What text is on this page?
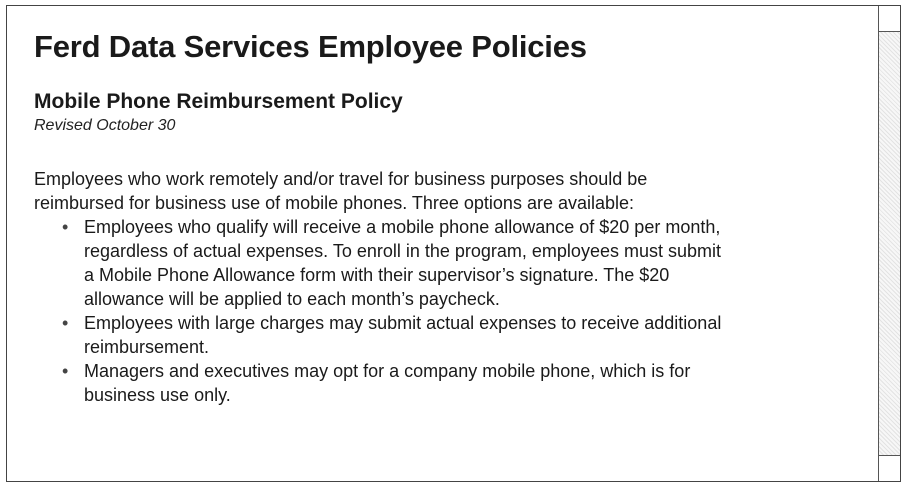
Ferd Data Services Employee Policies
Mobile Phone Reimbursement Policy
Revised October 30

Employees who work remotely and/or travel for business purposes should be
reimbursed for business use of mobile phones. Three options are available:

• Employees who qualify will receive a mobile phone allowance of $20 per month,
regardless of actual expenses. To enroll in the program, employees must submit
a Mobile Phone Allowance form with their supervisor’s signature. The $20
allowance will be applied to each month’s paycheck.
• Employees with large charges may submit actual expenses to receive additional
reimbursement.
• Managers and executives may opt for a company mobile phone, which is for
business use only.
